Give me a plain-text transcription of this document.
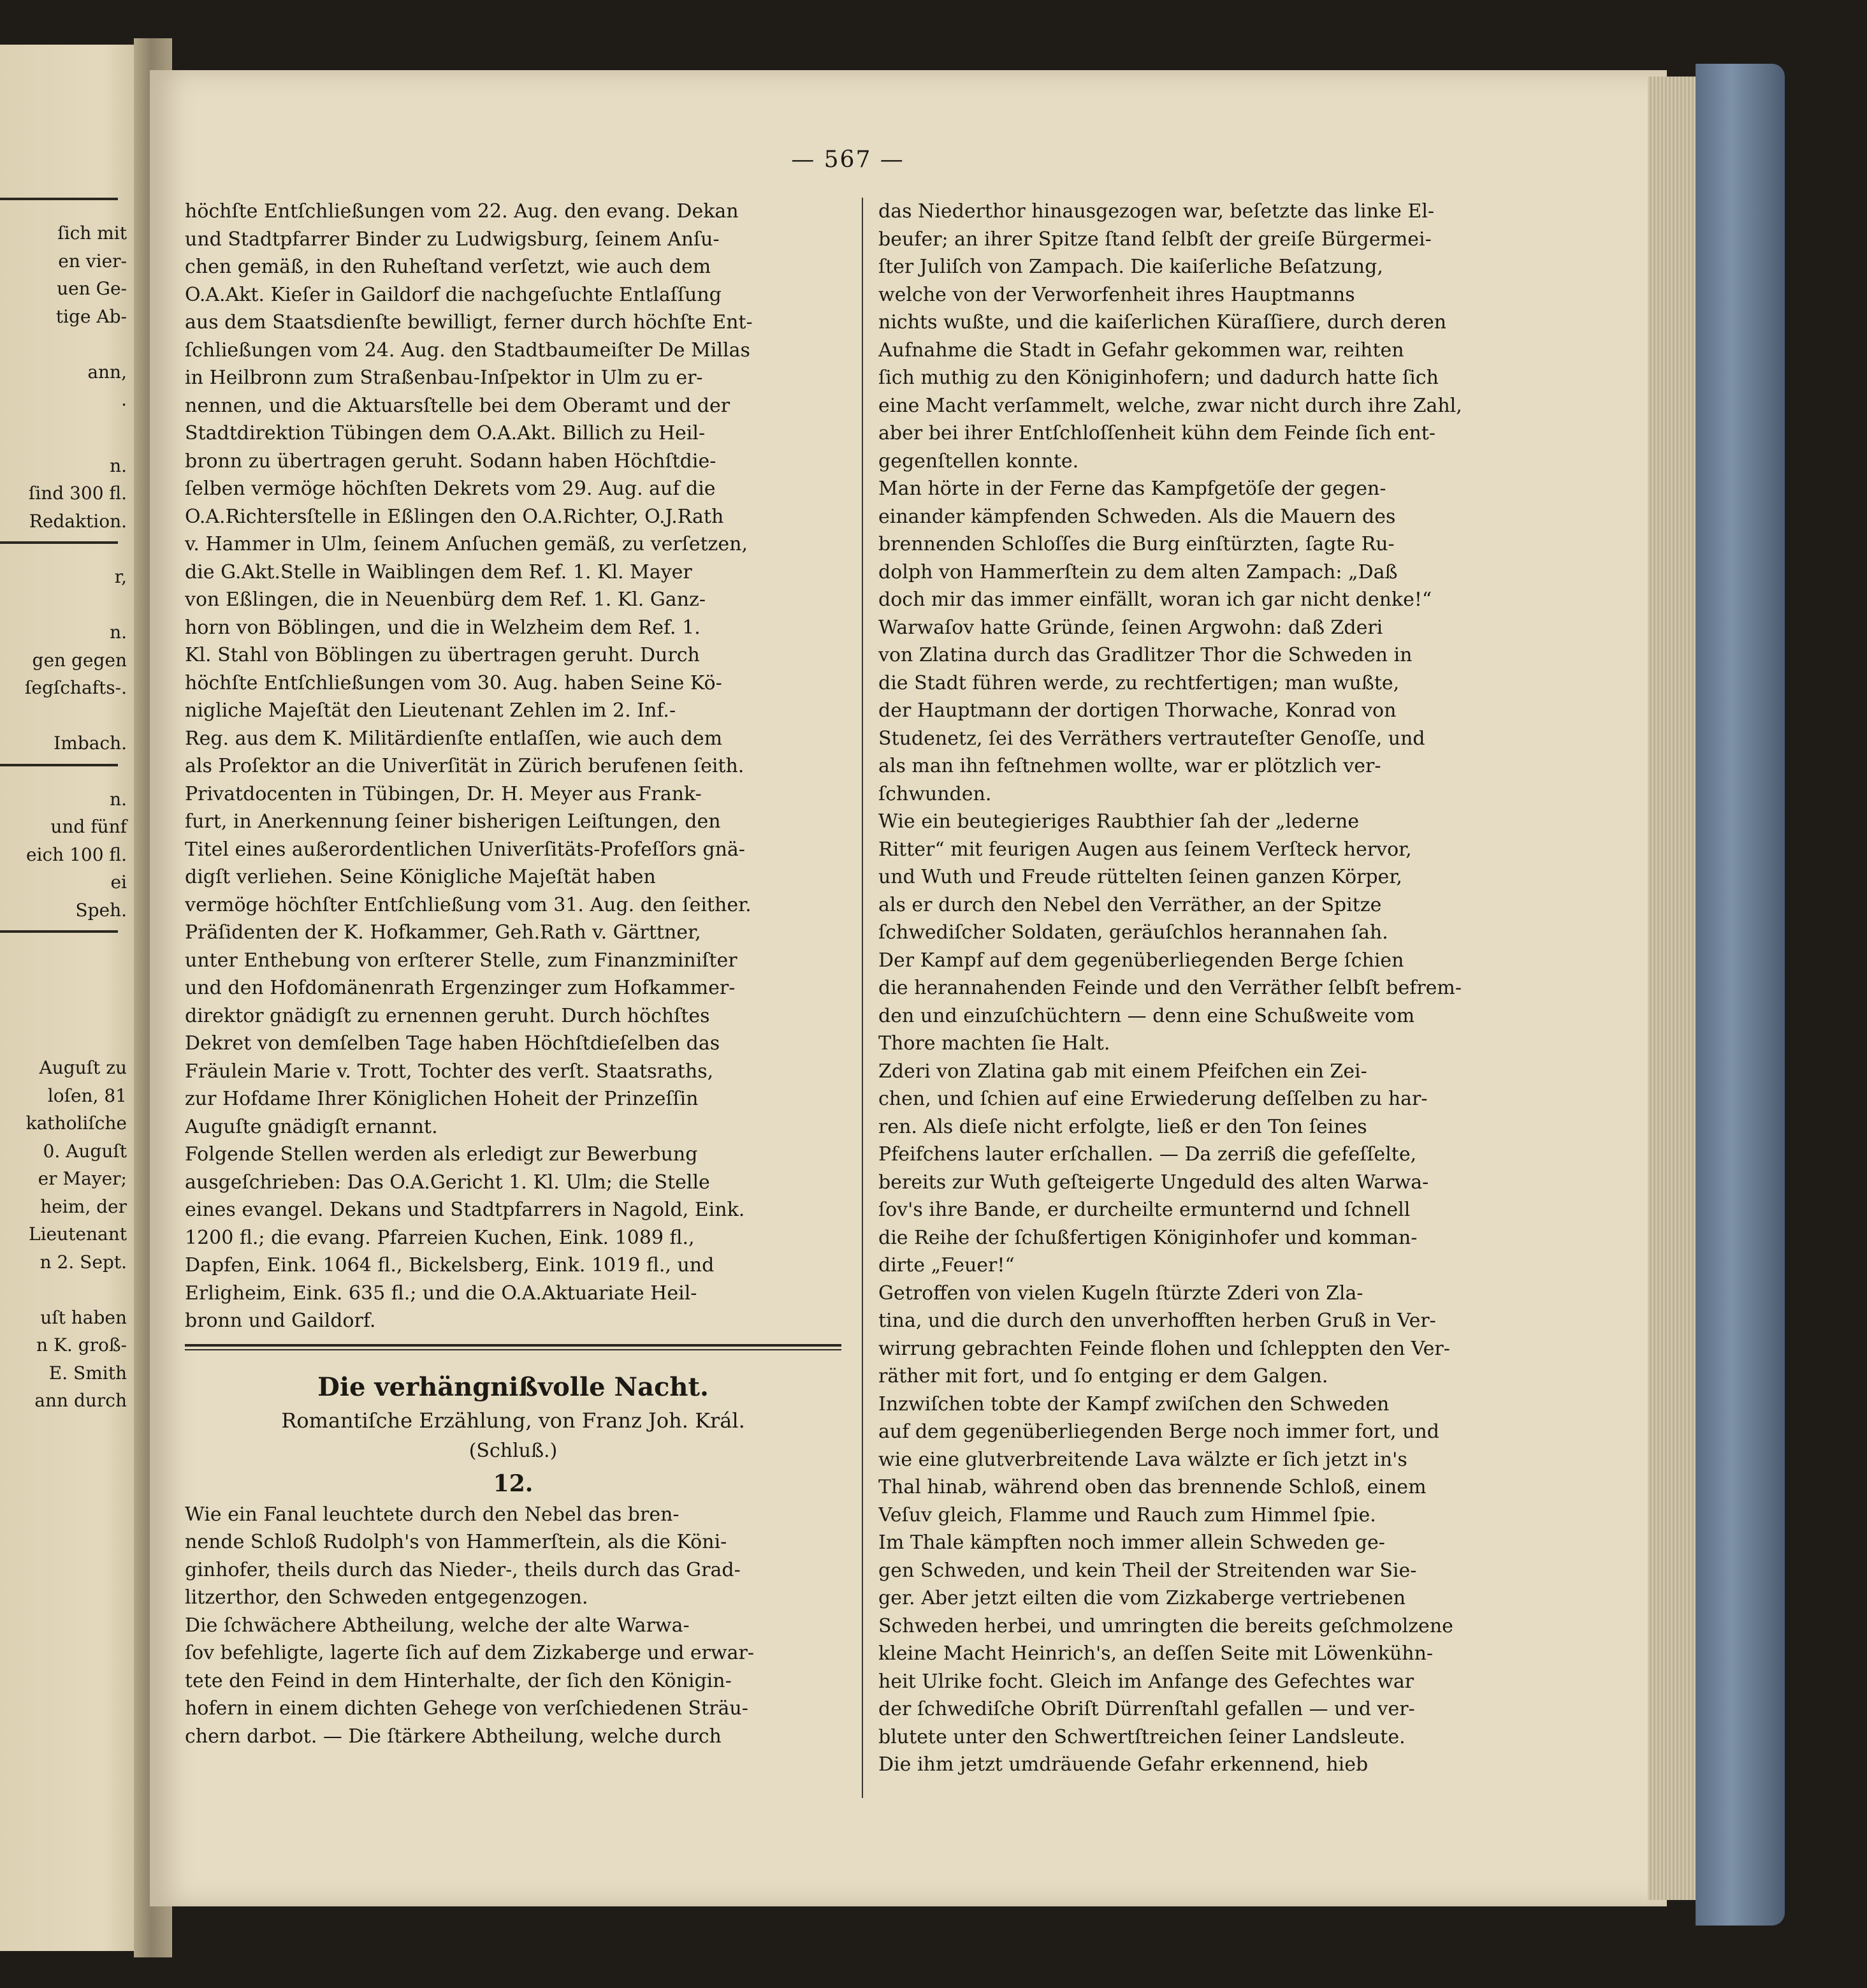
— 567 —
ſich mit
en vier-
uen Ge-
tige Ab-
ann,
.
n.
ſind 300 fl.
Redaktion.
r,
n.
gen gegen
ſegſchafts-.
Imbach.
n.
und fünf
eich 100 fl.
ei
Speh.
Auguſt zu
loſen, 81
katholiſche
0. Auguſt
er Mayer;
heim, der
Lieutenant
n 2. Sept.
uſt haben
n K. groß-
E. Smith
ann durch
höchſte Entſchließungen vom 22. Aug. den evang. Dekan
und Stadtpfarrer Binder zu Ludwigsburg, ſeinem Anſu-
chen gemäß, in den Ruheſtand verſetzt, wie auch dem
O.A.Akt. Kieſer in Gaildorf die nachgeſuchte Entlaſſung
aus dem Staatsdienſte bewilligt, ferner durch höchſte Ent-
ſchließungen vom 24. Aug. den Stadtbaumeiſter De Millas
in Heilbronn zum Straßenbau-Inſpektor in Ulm zu er-
nennen, und die Aktuarsſtelle bei dem Oberamt und der
Stadtdirektion Tübingen dem O.A.Akt. Billich zu Heil-
bronn zu übertragen geruht. Sodann haben Höchſtdie-
ſelben vermöge höchſten Dekrets vom 29. Aug. auf die
O.A.Richtersſtelle in Eßlingen den O.A.Richter, O.J.Rath
v. Hammer in Ulm, ſeinem Anſuchen gemäß, zu verſetzen,
die G.Akt.Stelle in Waiblingen dem Ref. 1. Kl. Mayer
von Eßlingen, die in Neuenbürg dem Ref. 1. Kl. Ganz-
horn von Böblingen, und die in Welzheim dem Ref. 1.
Kl. Stahl von Böblingen zu übertragen geruht. Durch
höchſte Entſchließungen vom 30. Aug. haben Seine Kö-
nigliche Majeſtät den Lieutenant Zehlen im 2. Inf.-
Reg. aus dem K. Militärdienſte entlaſſen, wie auch dem
als Proſektor an die Univerſität in Zürich berufenen ſeith.
Privatdocenten in Tübingen, Dr. H. Meyer aus Frank-
furt, in Anerkennung ſeiner bisherigen Leiſtungen, den
Titel eines außerordentlichen Univerſitäts-Profeſſors gnä-
digſt verliehen. Seine Königliche Majeſtät haben
vermöge höchſter Entſchließung vom 31. Aug. den ſeither.
Präſidenten der K. Hofkammer, Geh.Rath v. Gärttner,
unter Enthebung von erſterer Stelle, zum Finanzminiſter
und den Hofdomänenrath Ergenzinger zum Hofkammer-
direktor gnädigſt zu ernennen geruht. Durch höchſtes
Dekret von demſelben Tage haben Höchſtdieſelben das
Fräulein Marie v. Trott, Tochter des verſt. Staatsraths,
zur Hofdame Ihrer Königlichen Hoheit der Prinzeſſin
Auguſte gnädigſt ernannt.
Folgende Stellen werden als erledigt zur Bewerbung
ausgeſchrieben: Das O.A.Gericht 1. Kl. Ulm; die Stelle
eines evangel. Dekans und Stadtpfarrers in Nagold, Eink.
1200 fl.; die evang. Pfarreien Kuchen, Eink. 1089 fl.,
Dapfen, Eink. 1064 fl., Bickelsberg, Eink. 1019 fl., und
Erligheim, Eink. 635 fl.; und die O.A.Aktuariate Heil-
bronn und Gaildorf.
Die verhängnißvolle Nacht.
Romantiſche Erzählung, von Franz Joh. Král.
(Schluß.)
12.
Wie ein Fanal leuchtete durch den Nebel das bren-
nende Schloß Rudolph's von Hammerſtein, als die Köni-
ginhofer, theils durch das Nieder-, theils durch das Grad-
litzerthor, den Schweden entgegenzogen.
Die ſchwächere Abtheilung, welche der alte Warwa-
ſov befehligte, lagerte ſich auf dem Zizkaberge und erwar-
tete den Feind in dem Hinterhalte, der ſich den Königin-
hofern in einem dichten Gehege von verſchiedenen Sträu-
chern darbot. — Die ſtärkere Abtheilung, welche durch
das Niederthor hinausgezogen war, beſetzte das linke El-
beufer; an ihrer Spitze ſtand ſelbſt der greiſe Bürgermei-
ſter Juliſch von Zampach. Die kaiſerliche Beſatzung,
welche von der Verworfenheit ihres Hauptmanns
nichts wußte, und die kaiſerlichen Küraſſiere, durch deren
Aufnahme die Stadt in Gefahr gekommen war, reihten
ſich muthig zu den Königinhofern; und dadurch hatte ſich
eine Macht verſammelt, welche, zwar nicht durch ihre Zahl,
aber bei ihrer Entſchloſſenheit kühn dem Feinde ſich ent-
gegenſtellen konnte.
Man hörte in der Ferne das Kampfgetöſe der gegen-
einander kämpfenden Schweden. Als die Mauern des
brennenden Schloſſes die Burg einſtürzten, ſagte Ru-
dolph von Hammerſtein zu dem alten Zampach: „Daß
doch mir das immer einfällt, woran ich gar nicht denke!“
Warwaſov hatte Gründe, ſeinen Argwohn: daß Zderi
von Zlatina durch das Gradlitzer Thor die Schweden in
die Stadt führen werde, zu rechtfertigen; man wußte,
der Hauptmann der dortigen Thorwache, Konrad von
Studenetz, ſei des Verräthers vertrauteſter Genoſſe, und
als man ihn feſtnehmen wollte, war er plötzlich ver-
ſchwunden.
Wie ein beutegieriges Raubthier ſah der „lederne
Ritter“ mit feurigen Augen aus ſeinem Verſteck hervor,
und Wuth und Freude rüttelten ſeinen ganzen Körper,
als er durch den Nebel den Verräther, an der Spitze
ſchwediſcher Soldaten, geräuſchlos herannahen ſah.
Der Kampf auf dem gegenüberliegenden Berge ſchien
die herannahenden Feinde und den Verräther ſelbſt befrem-
den und einzuſchüchtern — denn eine Schußweite vom
Thore machten ſie Halt.
Zderi von Zlatina gab mit einem Pfeifchen ein Zei-
chen, und ſchien auf eine Erwiederung deſſelben zu har-
ren. Als dieſe nicht erfolgte, ließ er den Ton ſeines
Pfeifchens lauter erſchallen. — Da zerriß die gefeſſelte,
bereits zur Wuth geſteigerte Ungeduld des alten Warwa-
ſov's ihre Bande, er durcheilte ermunternd und ſchnell
die Reihe der ſchußfertigen Königinhofer und komman-
dirte „Feuer!“
Getroffen von vielen Kugeln ſtürzte Zderi von Zla-
tina, und die durch den unverhofften herben Gruß in Ver-
wirrung gebrachten Feinde flohen und ſchleppten den Ver-
räther mit fort, und ſo entging er dem Galgen.
Inzwiſchen tobte der Kampf zwiſchen den Schweden
auf dem gegenüberliegenden Berge noch immer fort, und
wie eine glutverbreitende Lava wälzte er ſich jetzt in's
Thal hinab, während oben das brennende Schloß, einem
Veſuv gleich, Flamme und Rauch zum Himmel ſpie.
Im Thale kämpften noch immer allein Schweden ge-
gen Schweden, und kein Theil der Streitenden war Sie-
ger. Aber jetzt eilten die vom Zizkaberge vertriebenen
Schweden herbei, und umringten die bereits geſchmolzene
kleine Macht Heinrich's, an deſſen Seite mit Löwenkühn-
heit Ulrike focht. Gleich im Anfange des Gefechtes war
der ſchwediſche Obriſt Dürrenſtahl gefallen — und ver-
blutete unter den Schwertſtreichen ſeiner Landsleute.
Die ihm jetzt umdräuende Gefahr erkennend, hieb
